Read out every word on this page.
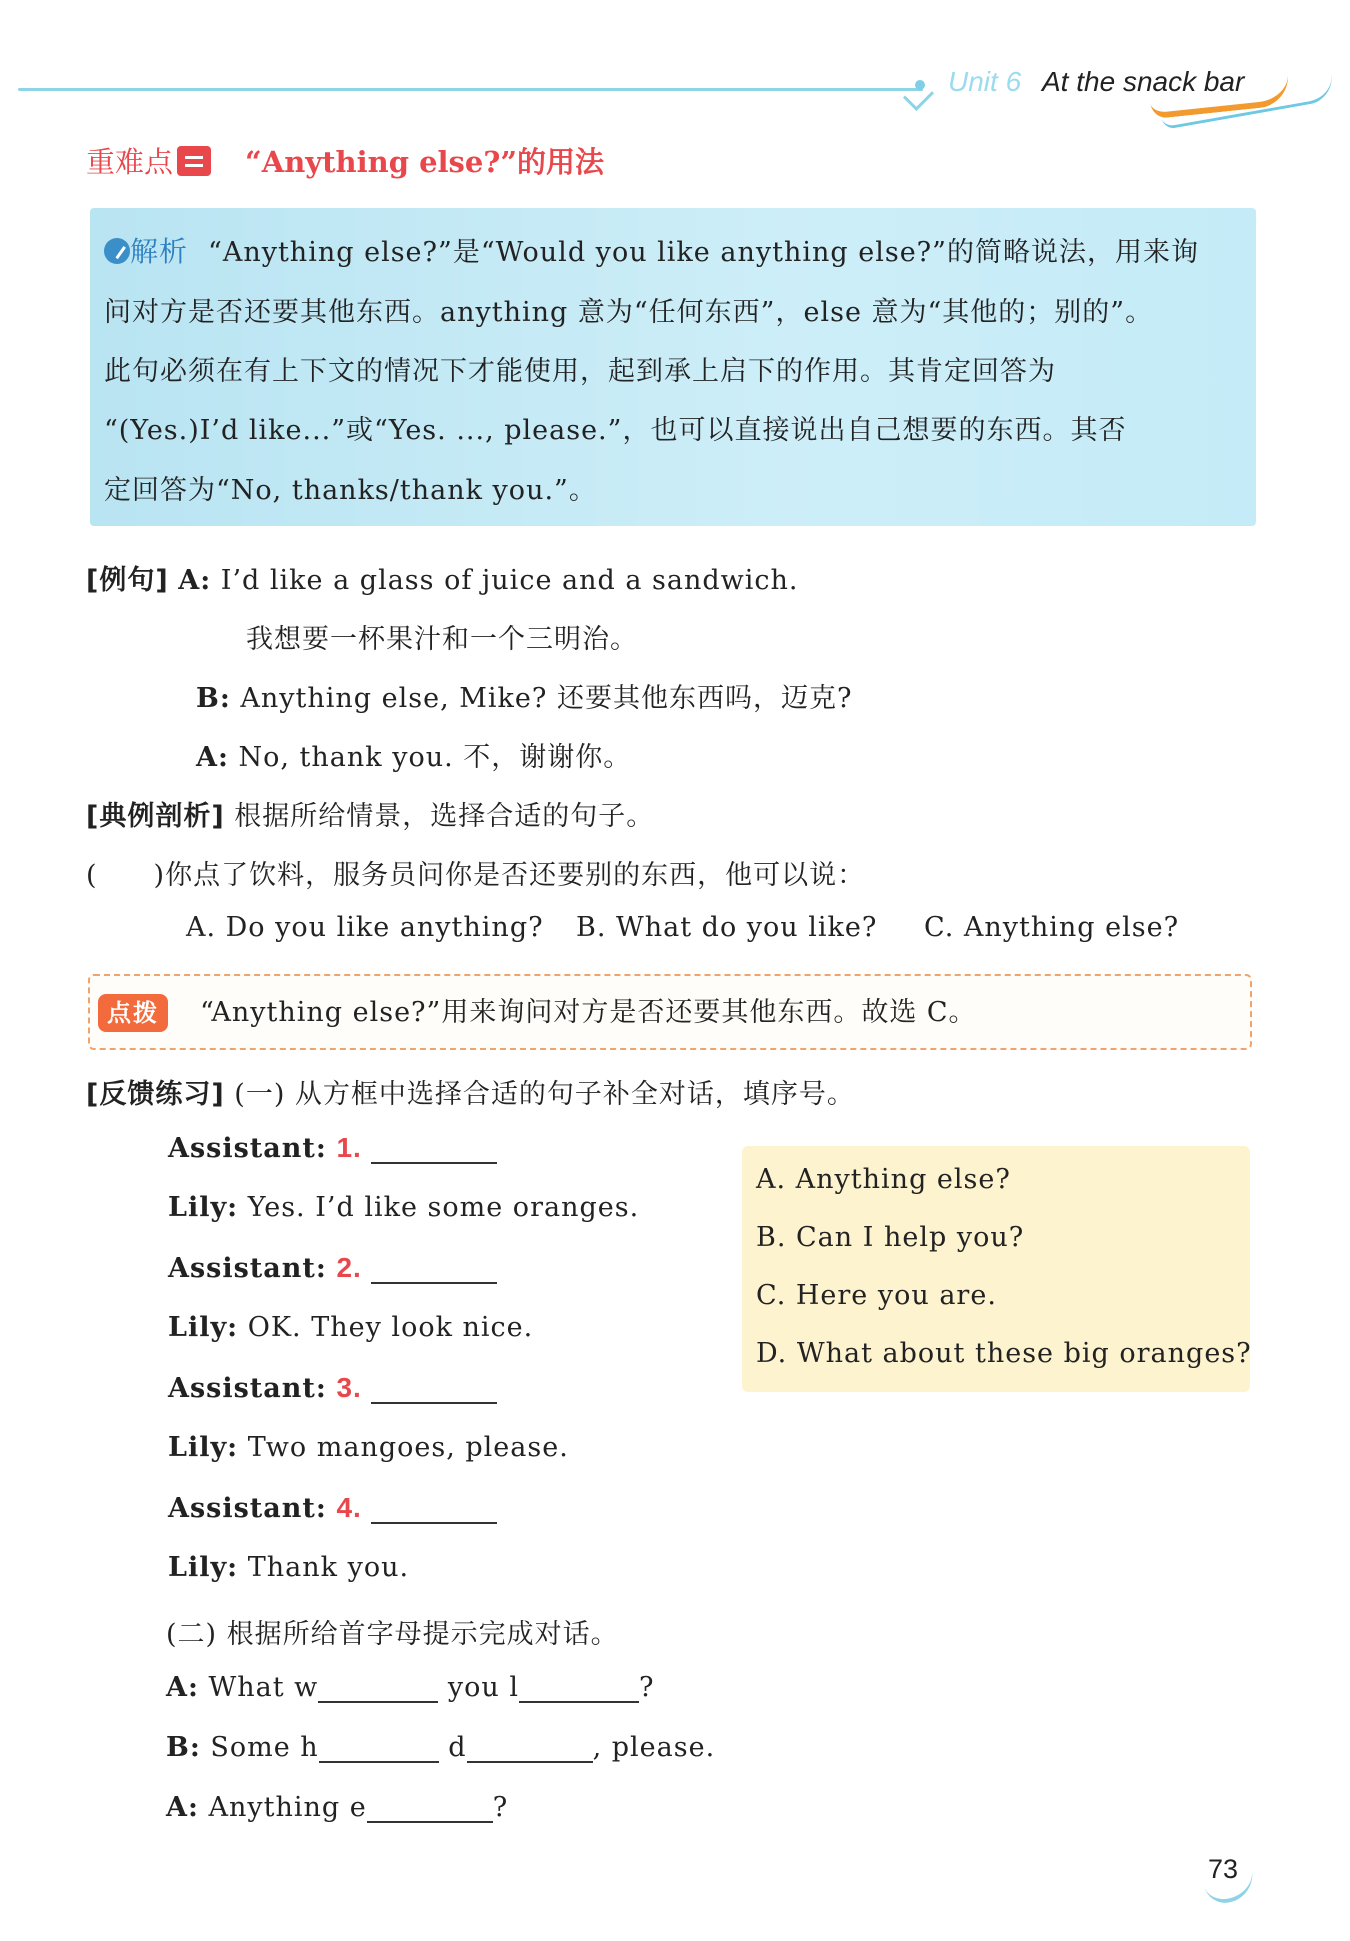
Unit 6 At the snack bar
重难点 “Anything else?”的用法

解析 “Anything else?”是“Would you like anything else?”的简略说法，用来询

问对方是否还要其他东西。anything 意为“任何东西”，else 意为“其他的；别的”。

此句必须在有上下文的情况下才能使用，起到承上启下的作用。其肯定回答为

“(Yes.)I’d like...”或“Yes. ..., please.”，也可以直接说出自己想要的东西。其否

定回答为“No, thanks/thank you.”。

[例句] A: I’d like a glass of juice and a sandwich.

我想要一杯果汁和一个三明治。

B: Anything else, Mike? 还要其他东西吗，迈克?

A: No, thank you. 不，谢谢你。

[典例剖析] 根据所给情景，选择合适的句子。

(　　)你点了饮料，服务员问你是否还要别的东西，他可以说：

A. Do you like anything? B. What do you like? C. Anything else?

点拨	“Anything else?”用来询问对方是否还要其他东西。故选 C。

[反馈练习] (一) 从方框中选择合适的句子补全对话，填序号。

Assistant: 1.

Lily: Yes. I’d like some oranges.

Assistant: 2.

Lily: OK. They look nice.

Assistant: 3.

Lily: Two mangoes, please.

Assistant: 4.

Lily: Thank you.

A. Anything else?

B. Can I help you?

C. Here you are.

D. What about these big oranges?

(二) 根据所给首字母提示完成对话。

A: What w	you l	?

B: Some h	d	, please.

A: Anything e	?

73
